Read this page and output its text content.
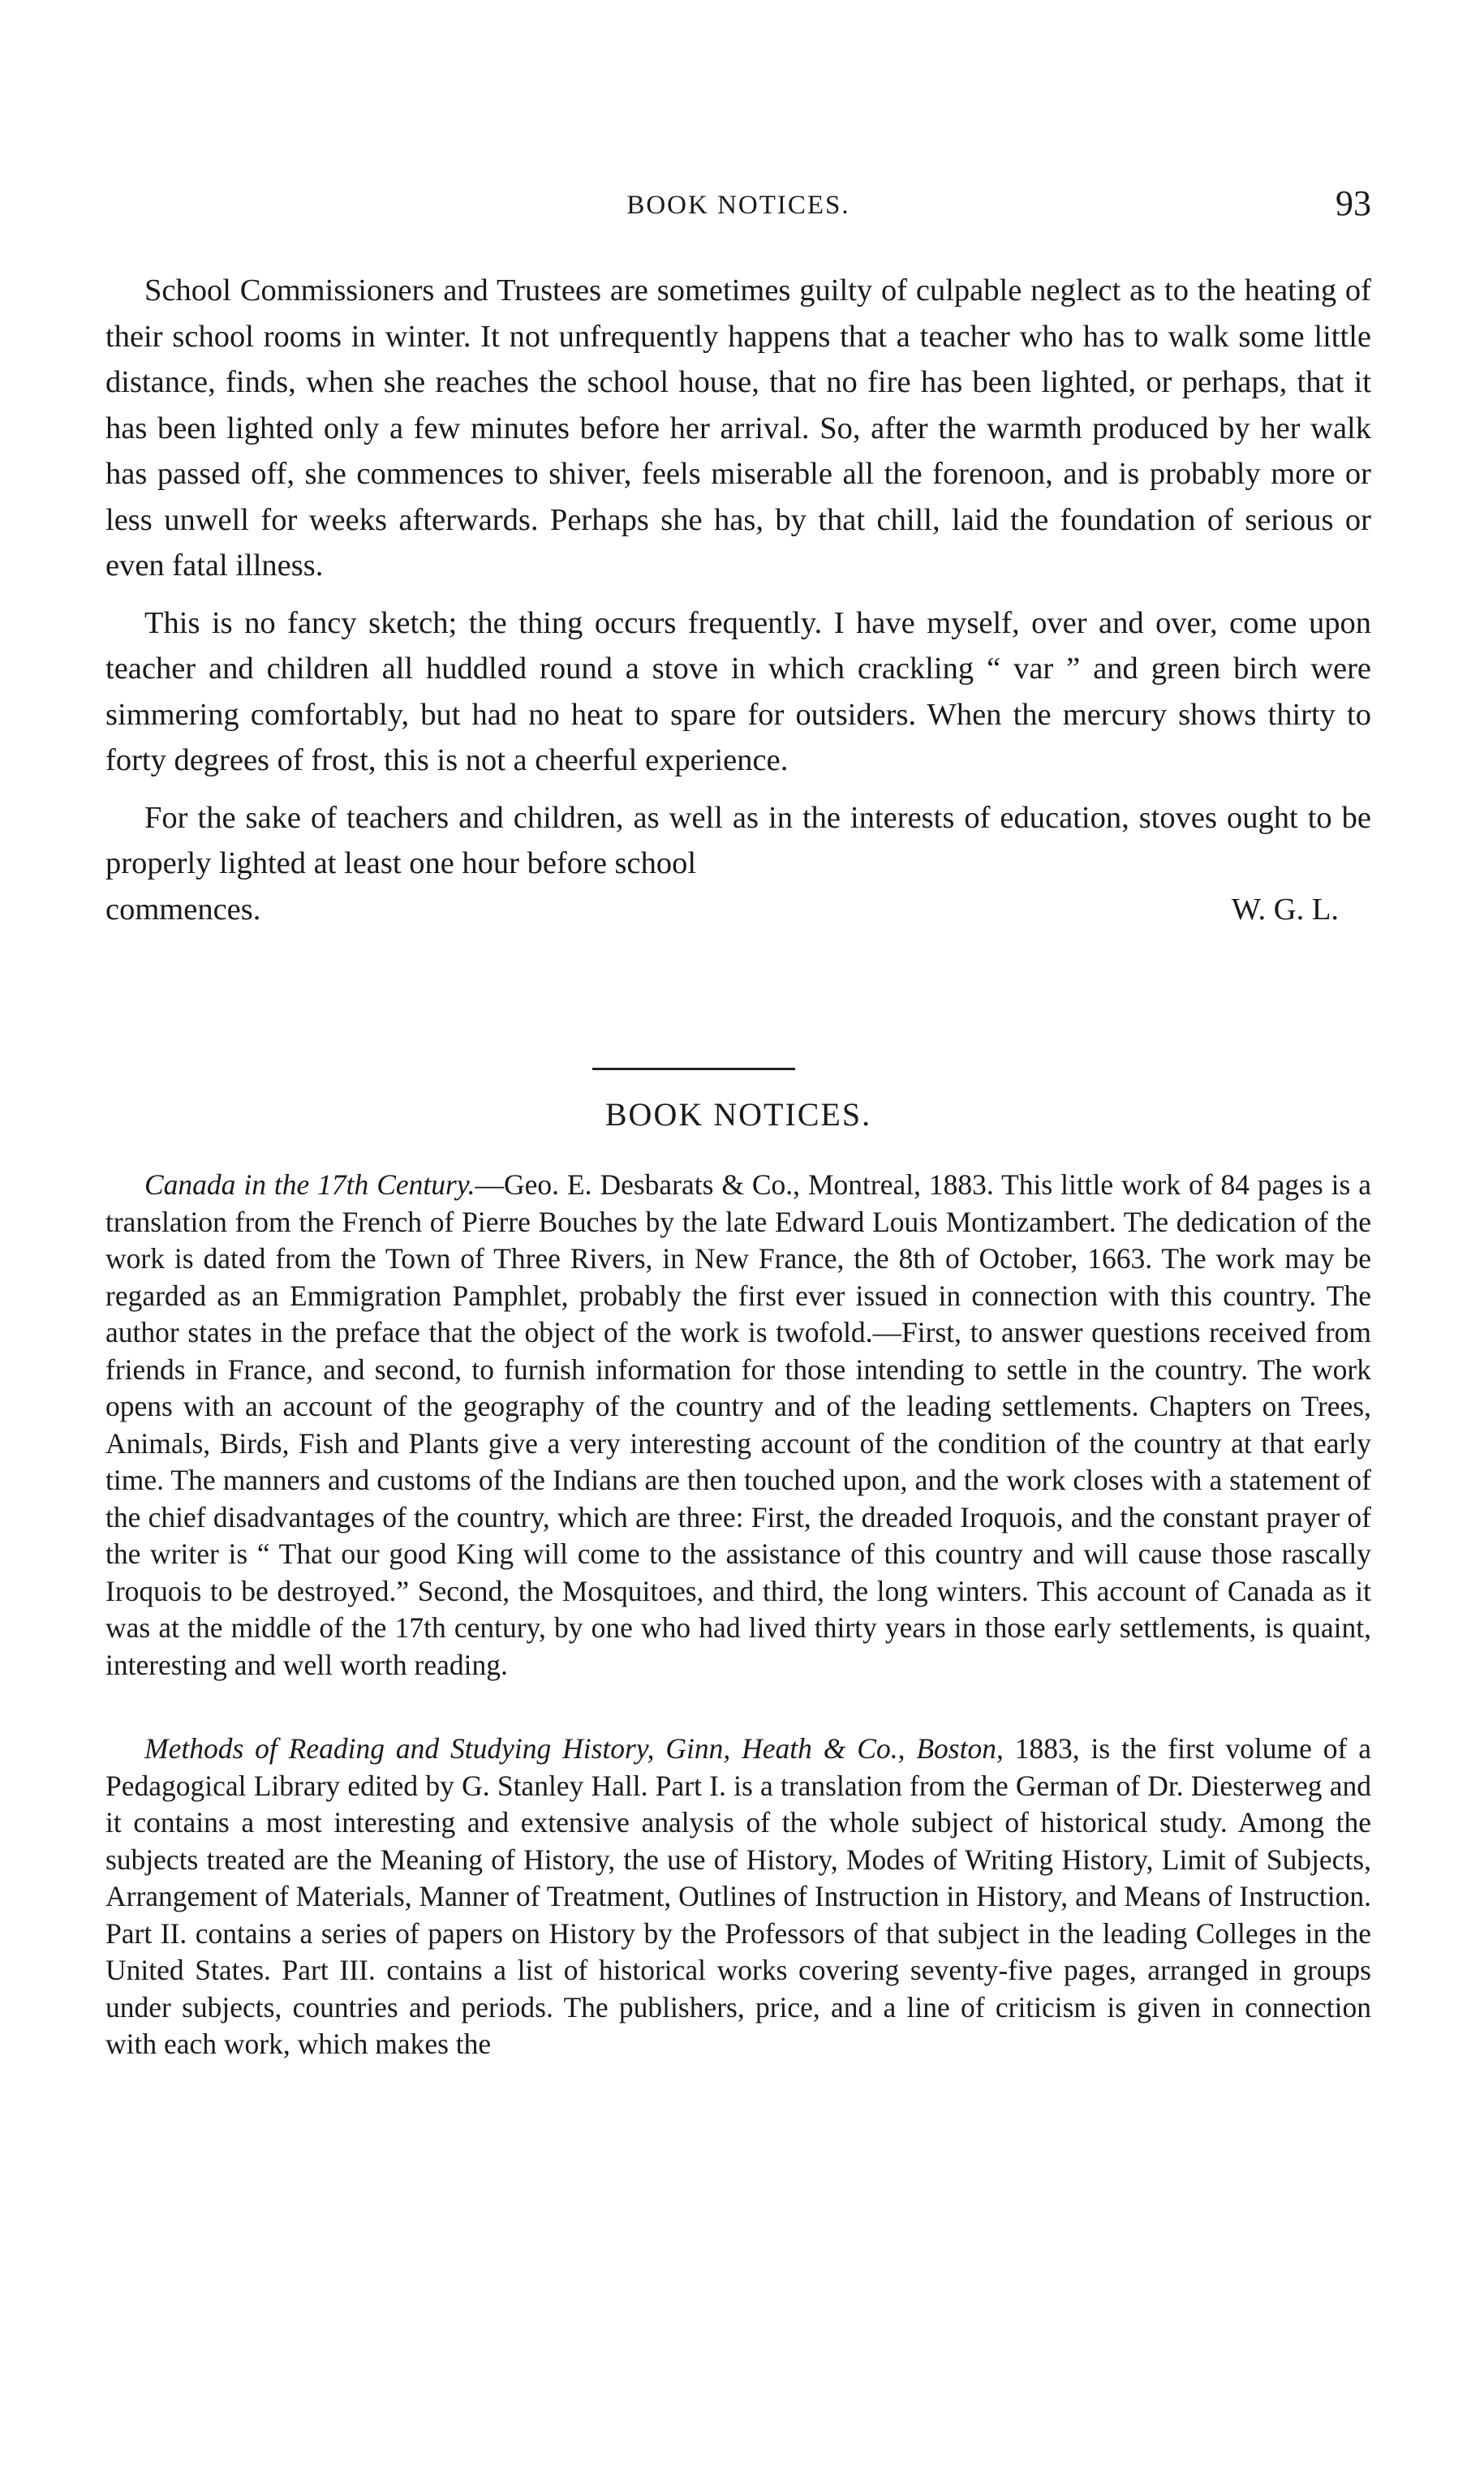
BOOK NOTICES.	93

School Commissioners and Trustees are sometimes guilty of culpable neglect as to the heating of their school rooms in winter. It not unfrequently happens that a teacher who has to walk some little distance, finds, when she reaches the school house, that no fire has been lighted, or perhaps, that it has been lighted only a few minutes before her arrival. So, after the warmth produced by her walk has passed off, she commences to shiver, feels miserable all the forenoon, and is probably more or less unwell for weeks afterwards. Perhaps she has, by that chill, laid the foundation of serious or even fatal illness.

This is no fancy sketch; the thing occurs frequently. I have myself, over and over, come upon teacher and children all huddled round a stove in which crackling “ var ” and green birch were simmering comfortably, but had no heat to spare for outsiders. When the mercury shows thirty to forty degrees of frost, this is not a cheerful experience.

For the sake of teachers and children, as well as in the interests of education, stoves ought to be properly lighted at least one hour before school

commences.	W. G. L.
BOOK NOTICES.

Canada in the 17th Century.—Geo. E. Desbarats & Co., Montreal, 1883. This little work of 84 pages is a translation from the French of Pierre Bouches by the late Edward Louis Montizambert. The dedication of the work is dated from the Town of Three Rivers, in New France, the 8th of October, 1663. The work may be regarded as an Emmigration Pamphlet, probably the first ever issued in connection with this country. The author states in the preface that the object of the work is twofold.—First, to answer questions received from friends in France, and second, to furnish information for those intending to settle in the country. The work opens with an account of the geography of the country and of the leading settlements. Chapters on Trees, Animals, Birds, Fish and Plants give a very interesting account of the condition of the country at that early time. The manners and customs of the Indians are then touched upon, and the work closes with a statement of the chief disadvantages of the country, which are three: First, the dreaded Iroquois, and the constant prayer of the writer is “ That our good King will come to the assistance of this country and will cause those rascally Iroquois to be destroyed.” Second, the Mosquitoes, and third, the long winters. This account of Canada as it was at the middle of the 17th century, by one who had lived thirty years in those early settlements, is quaint, interesting and well worth reading.

Methods of Reading and Studying History, Ginn, Heath & Co., Boston, 1883, is the first volume of a Pedagogical Library edited by G. Stanley Hall. Part I. is a translation from the German of Dr. Diesterweg and it contains a most interesting and extensive analysis of the whole subject of historical study. Among the subjects treated are the Meaning of History, the use of History, Modes of Writing History, Limit of Subjects, Arrangement of Materials, Manner of Treatment, Outlines of Instruction in History, and Means of Instruction. Part II. contains a series of papers on History by the Professors of that subject in the leading Colleges in the United States. Part III. contains a list of historical works covering seventy-five pages, arranged in groups under subjects, countries and periods. The publishers, price, and a line of criticism is given in connection with each work, which makes the
